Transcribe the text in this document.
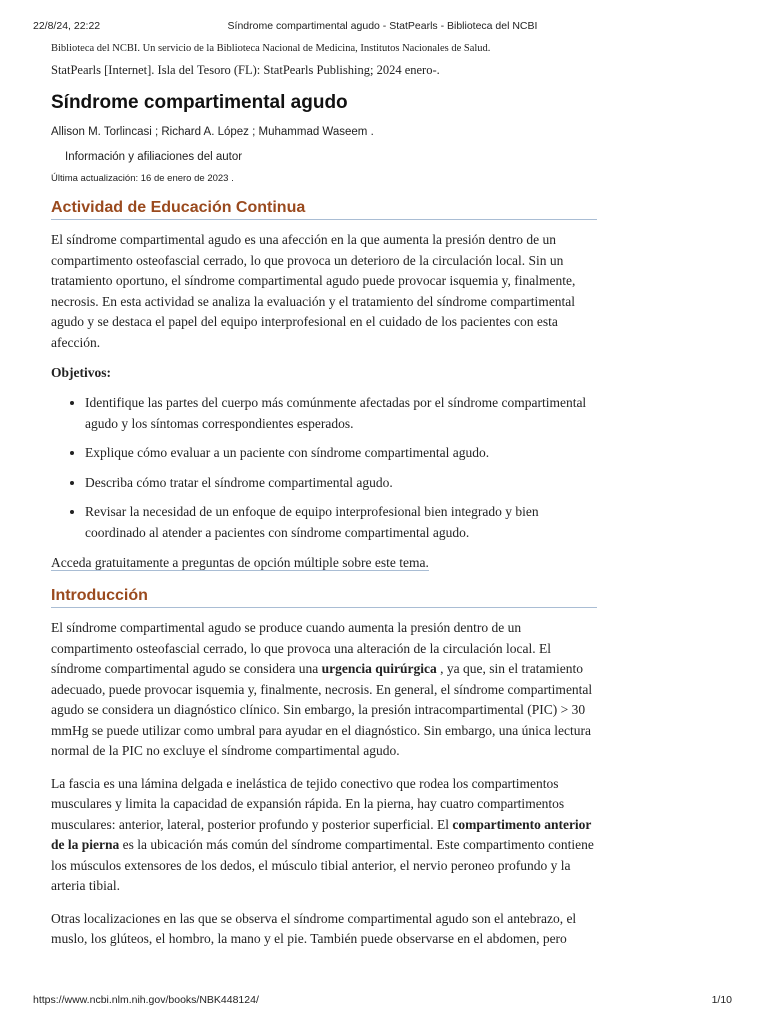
22/8/24, 22:22	Síndrome compartimental agudo - StatPearls - Biblioteca del NCBI
Biblioteca del NCBI. Un servicio de la Biblioteca Nacional de Medicina, Institutos Nacionales de Salud.
StatPearls [Internet]. Isla del Tesoro (FL): StatPearls Publishing; 2024 enero-.
Síndrome compartimental agudo
Allison M. Torlincasi ; Richard A. López ; Muhammad Waseem .
Información y afiliaciones del autor
Última actualización: 16 de enero de 2023 .
Actividad de Educación Continua

El síndrome compartimental agudo es una afección en la que aumenta la presión dentro de un compartimento osteofascial cerrado, lo que provoca un deterioro de la circulación local. Sin un tratamiento oportuno, el síndrome compartimental agudo puede provocar isquemia y, finalmente, necrosis. En esta actividad se analiza la evaluación y el tratamiento del síndrome compartimental agudo y se destaca el papel del equipo interprofesional en el cuidado de los pacientes con esta afección.

Objetivos:

• Identifique las partes del cuerpo más comúnmente afectadas por el síndrome compartimental agudo y los síntomas correspondientes esperados.
• Explique cómo evaluar a un paciente con síndrome compartimental agudo.
• Describa cómo tratar el síndrome compartimental agudo.
• Revisar la necesidad de un enfoque de equipo interprofesional bien integrado y bien coordinado al atender a pacientes con síndrome compartimental agudo.

Acceda gratuitamente a preguntas de opción múltiple sobre este tema.

Introducción

El síndrome compartimental agudo se produce cuando aumenta la presión dentro de un compartimento osteofascial cerrado, lo que provoca una alteración de la circulación local. El síndrome compartimental agudo se considera una urgencia quirúrgica , ya que, sin el tratamiento adecuado, puede provocar isquemia y, finalmente, necrosis. En general, el síndrome compartimental agudo se considera un diagnóstico clínico. Sin embargo, la presión intracompartimental (PIC) > 30 mmHg se puede utilizar como umbral para ayudar en el diagnóstico. Sin embargo, una única lectura normal de la PIC no excluye el síndrome compartimental agudo.

La fascia es una lámina delgada e inelástica de tejido conectivo que rodea los compartimentos musculares y limita la capacidad de expansión rápida. En la pierna, hay cuatro compartimentos musculares: anterior, lateral, posterior profundo y posterior superficial. El compartimento anterior de la pierna es la ubicación más común del síndrome compartimental. Este compartimento contiene los músculos extensores de los dedos, el músculo tibial anterior, el nervio peroneo profundo y la arteria tibial.

Otras localizaciones en las que se observa el síndrome compartimental agudo son el antebrazo, el muslo, los glúteos, el hombro, la mano y el pie. También puede observarse en el abdomen, pero

https://www.ncbi.nlm.nih.gov/books/NBK448124/	1/10
